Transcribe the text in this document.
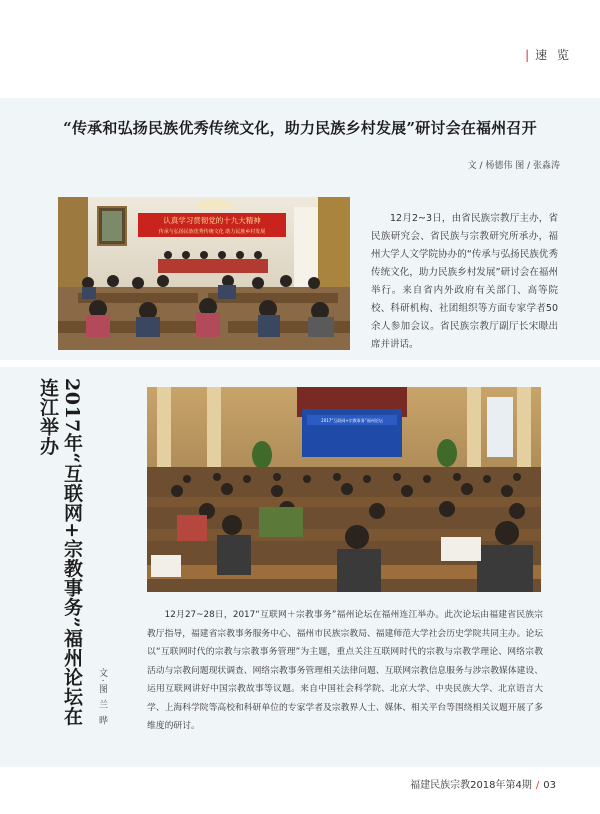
| 速 览
“传承和弘扬民族优秀传统文化，助力民族乡村发展”研讨会在福州召开
文 / 杨德伟 图 / 张淼涛
认真学习贯彻党的十九大精神
传承与弘扬民族优秀传统文化 助力民族乡村发展

12月2~3日，由省民族宗教厅主办，省民族研究会、省民族与宗教研究所承办，福州大学人文学院协办的“传承与弘扬民族优秀传统文化，助力民族乡村发展”研讨会在福州举行。来自省内外政府有关部门、高等院校、科研机构、社团组织等方面专家学者50余人参加会议。省民族宗教厅副厅长宋暻出席并讲话。

2017年“互联网+宗教事务”福州论坛在连江举办
文·图 兰 晔
2017“互联网+宗教事务”福州论坛

12月27~28日，2017“互联网＋宗教事务”福州论坛在福州连江举办。此次论坛由福建省民族宗教厅指导，福建省宗教事务服务中心、福州市民族宗教局、福建师范大学社会历史学院共同主办。论坛以“互联网时代的宗教与宗教事务管理”为主题，重点关注互联网时代的宗教与宗教学理论、网络宗教活动与宗教问题现状调查、网络宗教事务管理相关法律问题、互联网宗教信息服务与涉宗教媒体建设、运用互联网讲好中国宗教故事等议题。来自中国社会科学院、北京大学、中央民族大学、北京语言大学、上海科学院等高校和科研单位的专家学者及宗教界人士、媒体、相关平台等围绕相关议题开展了多维度的研讨。

福建民族宗教2018年第4期 / 03
